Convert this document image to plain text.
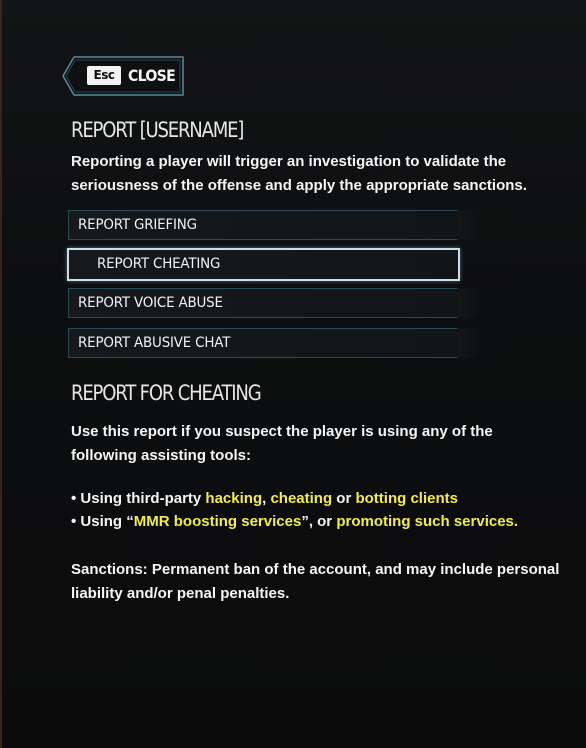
Esc CLOSE
REPORT [USERNAME]
Reporting a player will trigger an investigation to validate the seriousness of the offense and apply the appropriate sanctions.
REPORT GRIEFING
REPORT CHEATING
REPORT VOICE ABUSE
REPORT ABUSIVE CHAT
REPORT FOR CHEATING
Use this report if you suspect the player is using any of the following assisting tools:
• Using third-party hacking, cheating or botting clients
• Using “MMR boosting services”, or promoting such services.
Sanctions: Permanent ban of the account, and may include personal liability and/or penal penalties.
